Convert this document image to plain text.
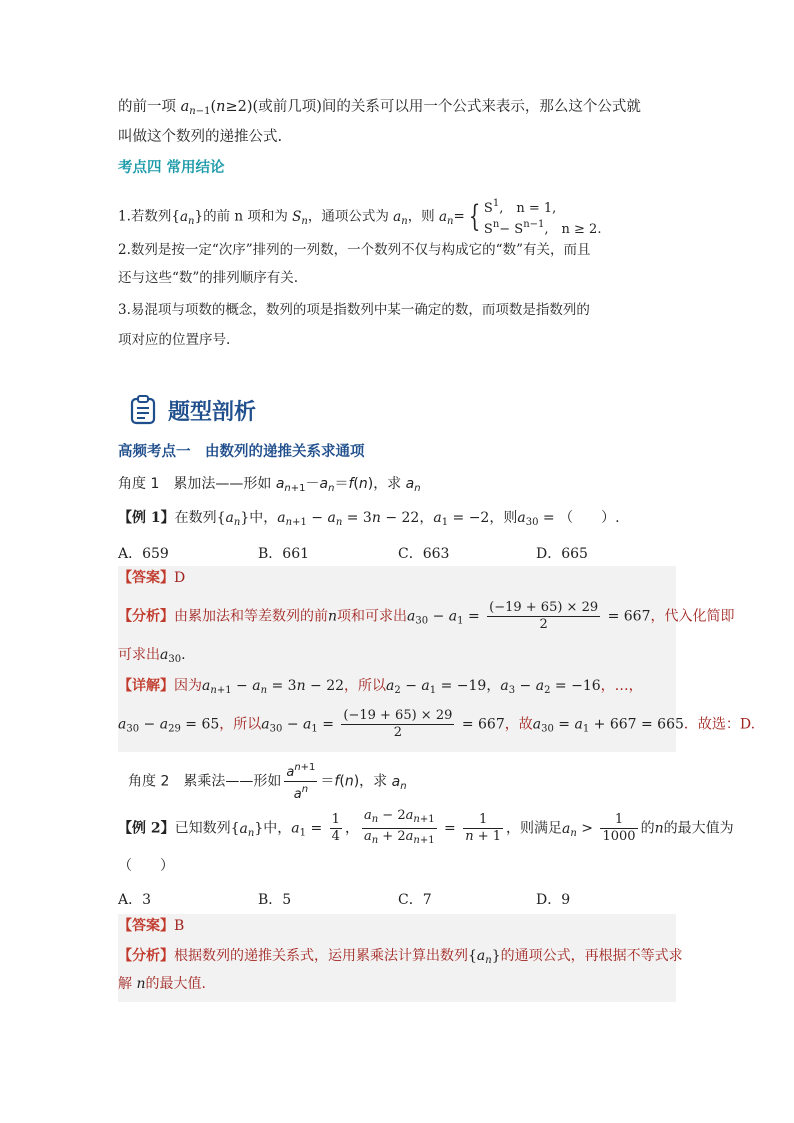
的前一项 $a_{n-1}(n\ge 2)$(或前几项)间的关系可以用一个公式来表示，那么这个公式就
叫做这个数列的递推公式.
考点四 常用结论
1.若数列$\{a_n\}$的前 n 项和为 $S_n$，通项公式为 $a_n$，则 $a_n=$ { $S^1$,　n = 1,
$S^n- S^{n-1}$,　n ≥ 2.
2.数列是按一定“次序”排列的一列数，一个数列不仅与构成它的“数”有关，而且
还与这些“数”的排列顺序有关.
3.易混项与项数的概念，数列的项是指数列中某一确定的数，而项数是指数列的
项对应的位置序号.
题型剖析
高频考点一　由数列的递推关系求通项
角度 1　累加法——形如 $a_{n+1}-a_n=f(n)$，求 $a_n$
【例 1】在数列$\{a_n\}$中，$a_{n+1} - a_n = 3n - 22$，$a_1 = -2$，则$a_{30}$ = （　　）.
A．659	B．661	C．663	D．665
【答案】D
【分析】由累加法和等差数列的前n项和可求出$a_{30} - a_1 = \frac{(-19 + 65) \times 29}{2} = 667$，代入化简即
可求出$a_{30}$.
【详解】因为$a_{n+1} - a_n = 3n - 22$，所以$a_2 - a_1 = -19$，$a_3 - a_2 = -16$，…，
$a_{30} - a_{29} = 65$，所以$a_{30} - a_1 = \frac{(-19 + 65) \times 29}{2} = 667$，故$a_{30} = a_1 + 667 = 665$．故选：D.
角度 2　累乘法——形如 $\frac{a^{n+1}}{a^n} =f(n)$，求 $a_n$
【例 2】已知数列$\{a_n\}$中，$a_1 = \frac{1}{4}$ ， $\frac{a_n - 2a_{n+1}}{a_n + 2a_{n+1}} = \frac{1}{n + 1}$ ，则满足$a_n > \frac{1}{1000}$ 的n的最大值为
（　　）
A．3	B．5	C．7	D．9
【答案】B
【分析】根据数列的递推关系式，运用累乘法计算出数列$\{a_n\}$的通项公式，再根据不等式求
解 n的最大值.
